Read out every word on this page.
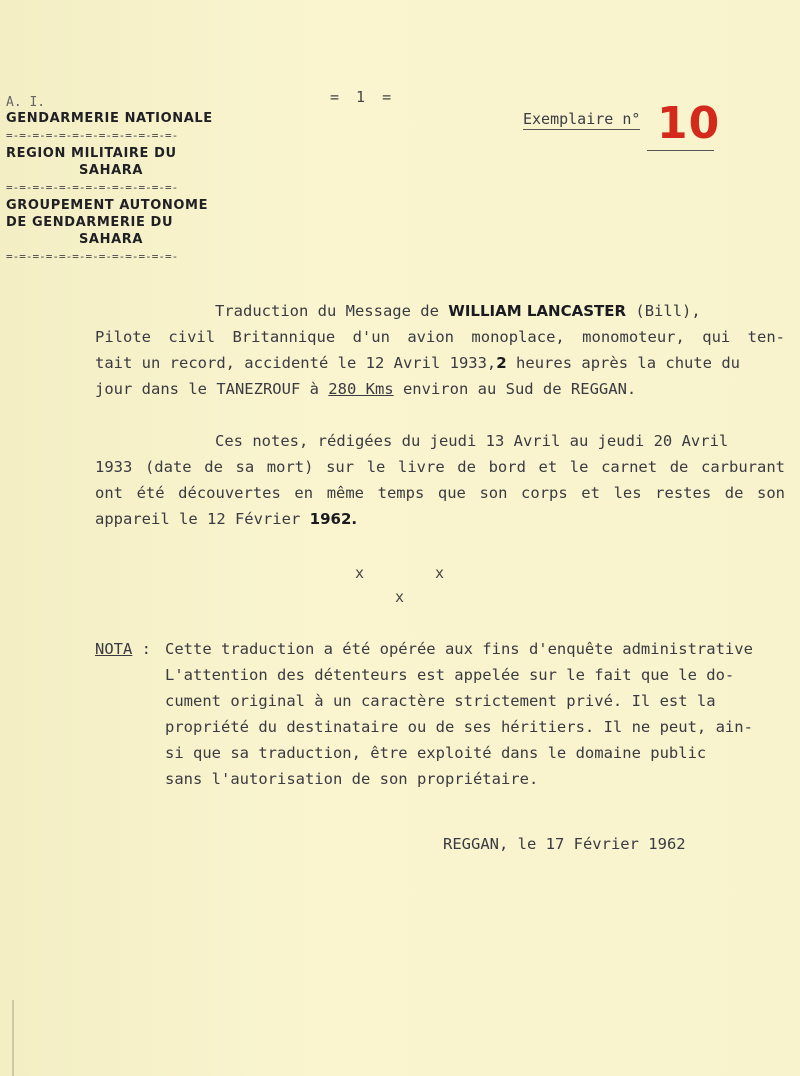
= 1 =
A. I.
GENDARMERIE NATIONALE
=-=-=-=-=-=-=-=-=-=-=-=-=-
REGION MILITAIRE DU
SAHARA
=-=-=-=-=-=-=-=-=-=-=-=-=-
GROUPEMENT AUTONOME
DE GENDARMERIE DU
SAHARA
=-=-=-=-=-=-=-=-=-=-=-=-=-
Exemplaire n° 10
Traduction du Message de WILLIAM LANCASTER (Bill),
Pilote civil Britannique d'un avion monoplace, monomoteur, qui ten-
tait un record, accidenté le 12 Avril 1933,2 heures après la chute du
jour dans le TANEZROUF à 280 Kms environ au Sud de REGGAN.
Ces notes, rédigées du jeudi 13 Avril au jeudi 20 Avril
1933 (date de sa mort) sur le livre de bord et le carnet de carburant
ont été découvertes en même temps que son corps et les restes de son
appareil le 12 Février 1962.
x	x
x
NOTA : Cette traduction a été opérée aux fins d'enquête administrative
L'attention des détenteurs est appelée sur le fait que le do-
cument original à un caractère strictement privé. Il est la
propriété du destinataire ou de ses héritiers. Il ne peut, ain-
si que sa traduction, être exploité dans le domaine public
sans l'autorisation de son propriétaire.
REGGAN, le 17 Février 1962
